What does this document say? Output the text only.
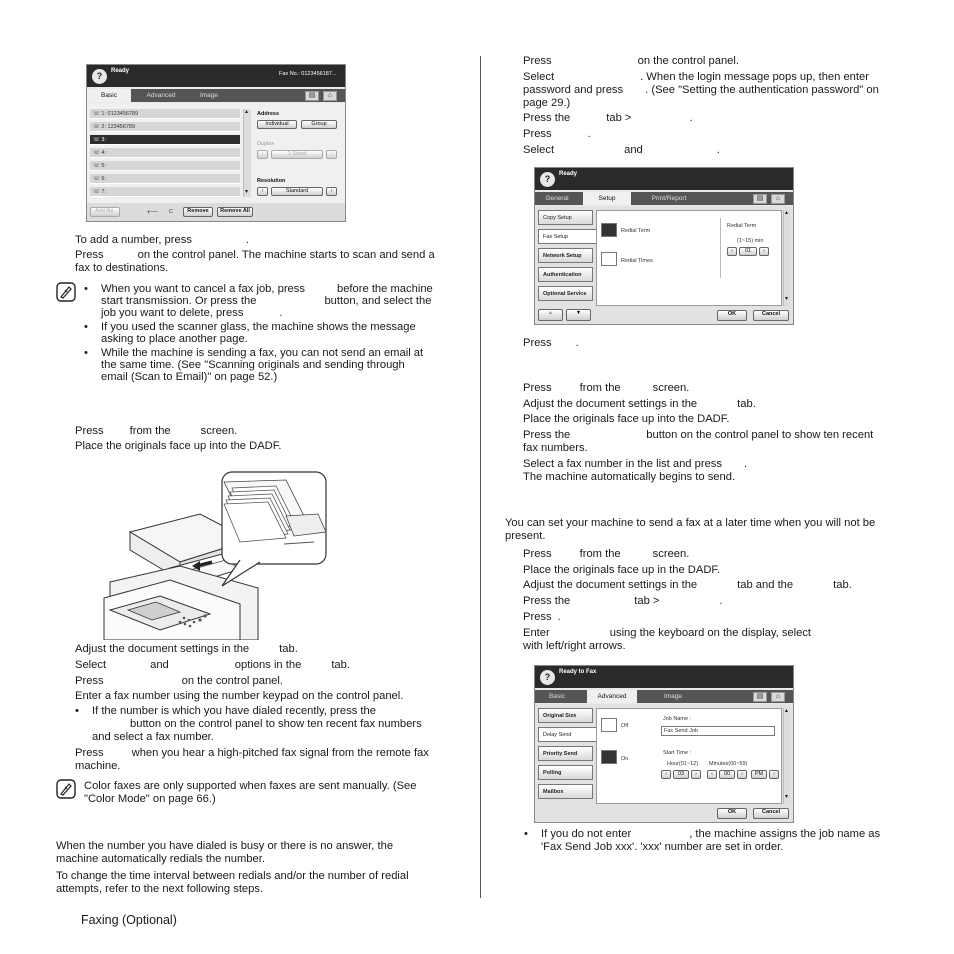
?	Ready	Fax No.: 0123456187...
Basic	Advanced	Image	▤	⌂
☏ 1: 0123456789
☏ 2: 123456789
☏ 3:
☏ 4:
☏ 5:
☏ 6:
☏ 7:
▴
▾
Address
Individual	Group
Duplex
‹	1 Sided	›
Resolution
‹	Standard	›
Add No.	⟵ C	Remove	Remove All
To add a number, press	.
Press	on the control panel. The machine starts to scan and send a
fax to destinations.
• When you want to cancel a fax job, press	before the machine
start transmission. Or press the	button, and select the
job you want to delete, press	.
• If you used the scanner glass, the machine shows the message
asking to place another page.
• While the machine is sending a fax, you can not send an email at
the same time. (See "Scanning originals and sending through
email (Scan to Email)" on page 52.)
Press from the	screen.
Place the originals face up into the DADF.
Adjust the document settings in the	tab.
Select	and	options in the	tab.
Press	on the control panel.
Enter a fax number using the number keypad on the control panel.
• If the number is which you have dialed recently, press the
button on the control panel to show ten recent fax numbers
and select a fax number.
Press	when you hear a high-pitched fax signal from the remote fax
machine.
Color faxes are only supported when faxes are sent manually. (See
"Color Mode" on page 66.)
When the number you have dialed is busy or there is no answer, the
machine automatically redials the number.
To change the time interval between redials and/or the number of redial
attempts, refer to the next following steps.
Faxing (Optional)
Press	on the control panel.
Select	. When the login message pops up, then enter
password and press . (See "Setting the authentication password" on
page 29.)
Press the	tab >	.
Press	.
Select	and	.
?	Ready
General	Setup	Print/Report	▤	⌂
Copy Setup
Fax Setup
Network Setup
Authentication
Optional Service
▲	▼
Redial Term
Redial Times
Redial Term
(1~15) min
‹	01	›
▴
▾
OK	Cancel
Press .
Press	from the	screen.
Adjust the document settings in the	tab.
Place the originals face up into the DADF.
Press the	button on the control panel to show ten recent
fax numbers.
Select a fax number in the list and press .
The machine automatically begins to send.
You can set your machine to send a fax at a later time when you will not be
present.
Press	from the	screen.
Place the originals face up in the DADF.
Adjust the document settings in the	tab and the	tab.
Press the	tab >	.
Press .
Enter	using the keyboard on the display, select
with left/right arrows.
?	Ready to Fax
Basic	Advanced	Image	▤	⌂
Original Size
Delay Send
Priority Send
Polling
Mailbox
Off
On
Job Name :
Fax Send Job
Start Time :
Hour(01~12) Minutes(00~59)
‹	03	›	‹	00	›	PM	›
▴
▾
OK	Cancel
• If you do not enter	, the machine assigns the job name as
'Fax Send Job xxx'. 'xxx' number are set in order.
